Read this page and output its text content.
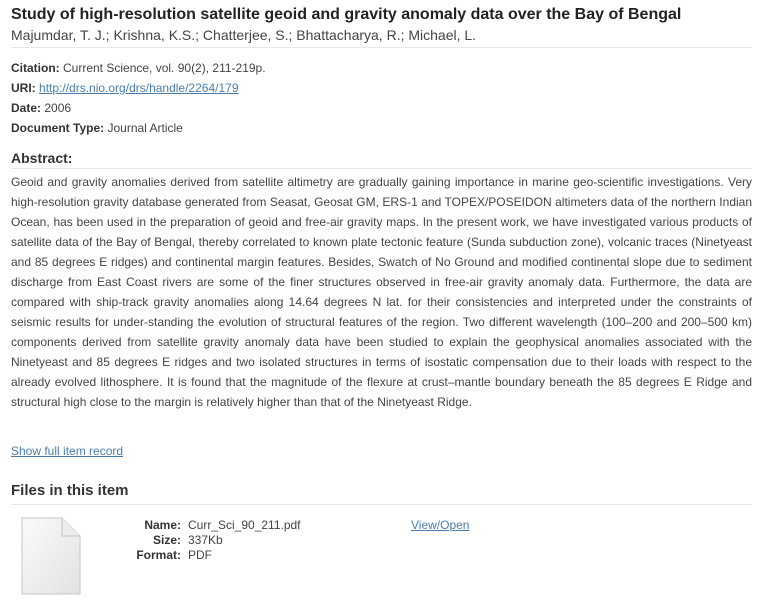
Study of high-resolution satellite geoid and gravity anomaly data over the Bay of Bengal
Majumdar, T. J.; Krishna, K.S.; Chatterjee, S.; Bhattacharya, R.; Michael, L.
Citation: Current Science, vol. 90(2), 211-219p.
URI: http://drs.nio.org/drs/handle/2264/179
Date: 2006
Document Type: Journal Article
Abstract:

Geoid and gravity anomalies derived from satellite altimetry are gradually gaining importance in marine geo-scientific investigations. Very high-resolution gravity database generated from Seasat, Geosat GM, ERS-1 and TOPEX/POSEIDON altimeters data of the northern Indian Ocean, has been used in the preparation of geoid and free-air gravity maps. In the present work, we have investigated various products of satellite data of the Bay of Bengal, thereby correlated to known plate tectonic feature (Sunda subduction zone), volcanic traces (Ninetyeast and 85 degrees E ridges) and continental margin features. Besides, Swatch of No Ground and modified continental slope due to sediment discharge from East Coast rivers are some of the finer structures observed in free-air gravity anomaly data. Furthermore, the data are compared with ship-track gravity anomalies along 14.64 degrees N lat. for their consistencies and interpreted under the constraints of seismic results for under-standing the evolution of structural features of the region. Two different wavelength (100–200 and 200–500 km) components derived from satellite gravity anomaly data have been studied to explain the geophysical anomalies associated with the Ninetyeast and 85 degrees E ridges and two isolated structures in terms of isostatic compensation due to their loads with respect to the already evolved lithosphere. It is found that the magnitude of the flexure at crust–mantle boundary beneath the 85 degrees E Ridge and structural high close to the margin is relatively higher than that of the Ninetyeast Ridge.

Show full item record
Files in this item
Name: Curr_Sci_90_211.pdf
Size: 337Kb
Format: PDF
View/Open
